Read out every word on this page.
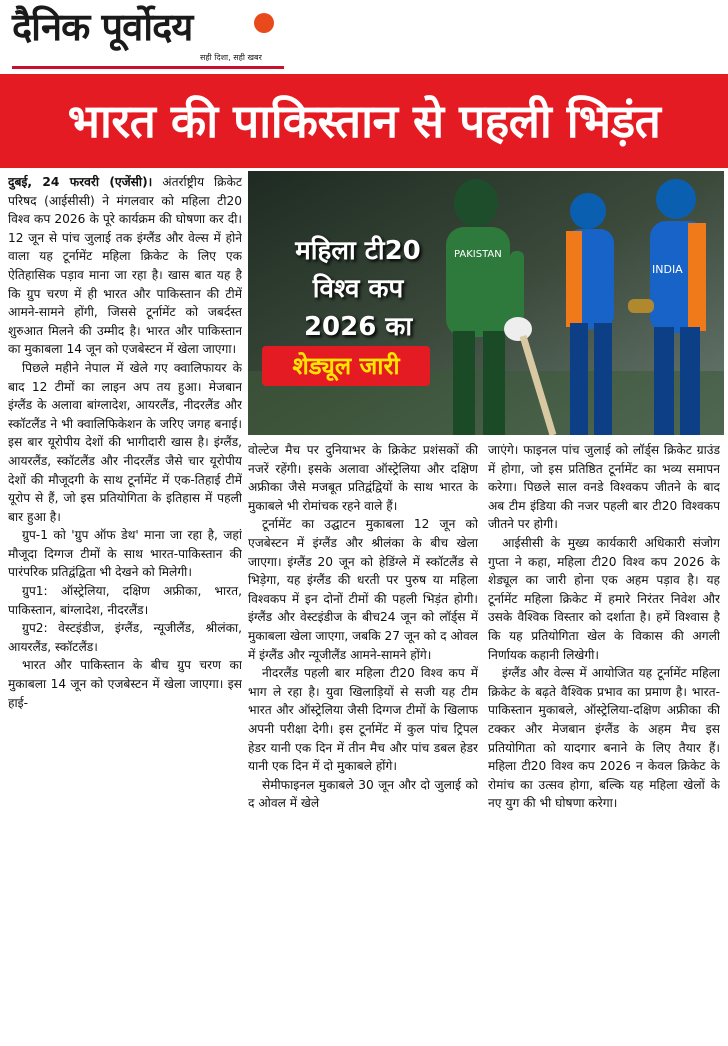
दैनिक पूर्वोदय
सही दिशा, सही खबर
भारत की पाकिस्तान से पहली भिड़ंत

दुबई, 24 फरवरी (एजेंसी)। अंतर्राष्ट्रीय क्रिकेट परिषद (आईसीसी) ने मंगलवार को महिला टी20 विश्व कप 2026 के पूरे कार्यक्रम की घोषणा कर दी। 12 जून से पांच जुलाई तक इंग्लैंड और वेल्स में होने वाला यह टूर्नामेंट महिला क्रिकेट के लिए एक ऐतिहासिक पड़ाव माना जा रहा है। खास बात यह है कि ग्रुप चरण में ही भारत और पाकिस्तान की टीमें आमने-सामने होंगी, जिससे टूर्नामेंट को जबर्दस्त शुरुआत मिलने की उम्मीद है। भारत और पाकिस्तान का मुकाबला 14 जून को एजबेस्टन में खेला जाएगा।

पिछले महीने नेपाल में खेले गए क्वालिफायर के बाद 12 टीमों का लाइन अप तय हुआ। मेजबान इंग्लैंड के अलावा बांग्लादेश, आयरलैंड, नीदरलैंड और स्कॉटलैंड ने भी क्वालिफिकेशन के जरिए जगह बनाई। इस बार यूरोपीय देशों की भागीदारी खास है। इंग्लैंड, आयरलैंड, स्कॉटलैंड और नीदरलैंड जैसे चार यूरोपीय देशों की मौजूदगी के साथ टूर्नामेंट में एक-तिहाई टीमें यूरोप से हैं, जो इस प्रतियोगिता के इतिहास में पहली बार हुआ है।

ग्रुप-1 को 'ग्रुप ऑफ डेथ' माना जा रहा है, जहां मौजूदा दिग्गज टीमों के साथ भारत-पाकिस्तान की पारंपरिक प्रतिद्वंद्विता भी देखने को मिलेगी।

ग्रुप1: ऑस्ट्रेलिया, दक्षिण अफ्रीका, भारत, पाकिस्तान, बांग्लादेश, नीदरलैंड।

ग्रुप2: वेस्टइंडीज, इंग्लैंड, न्यूजीलैंड, श्रीलंका, आयरलैंड, स्कॉटलैंड।

भारत और पाकिस्तान के बीच ग्रुप चरण का मुकाबला 14 जून को एजबेस्टन में खेला जाएगा। इस हाई-

PAKISTAN
INDIA
महिला टी20
विश्व कप
2026 का
शेड्यूल जारी

वोल्टेज मैच पर दुनियाभर के क्रिकेट प्रशंसकों की नजरें रहेंगी। इसके अलावा ऑस्ट्रेलिया और दक्षिण अफ्रीका जैसे मजबूत प्रतिद्वंद्वियों के साथ भारत के मुकाबले भी रोमांचक रहने वाले हैं।

टूर्नामेंट का उद्घाटन मुकाबला 12 जून को एजबेस्टन में इंग्लैंड और श्रीलंका के बीच खेला जाएगा। इंग्लैंड 20 जून को हेडिंग्ले में स्कॉटलैंड से भिड़ेगा, यह इंग्लैंड की धरती पर पुरुष या महिला विश्वकप में इन दोनों टीमों की पहली भिड़ंत होगी। इंग्लैंड और वेस्टइंडीज के बीच24 जून को लॉर्ड्स में मुकाबला खेला जाएगा, जबकि 27 जून को द ओवल में इंग्लैंड और न्यूजीलैंड आमने-सामने होंगे।

नीदरलैंड पहली बार महिला टी20 विश्व कप में भाग ले रहा है। युवा खिलाड़ियों से सजी यह टीम भारत और ऑस्ट्रेलिया जैसी दिग्गज टीमों के खिलाफ अपनी परीक्षा देगी। इस टूर्नामेंट में कुल पांच ट्रिपल हेडर यानी एक दिन में तीन मैच और पांच डबल हेडर यानी एक दिन में दो मुकाबले होंगे।

सेमीफाइनल मुकाबले 30 जून और दो जुलाई को द ओवल में खेले

जाएंगे। फाइनल पांच जुलाई को लॉर्ड्स क्रिकेट ग्राउंड में होगा, जो इस प्रतिष्ठित टूर्नामेंट का भव्य समापन करेगा। पिछले साल वनडे विश्वकप जीतने के बाद अब टीम इंडिया की नजर पहली बार टी20 विश्वकप जीतने पर होगी।

आईसीसी के मुख्य कार्यकारी अधिकारी संजोग गुप्ता ने कहा, महिला टी20 विश्व कप 2026 के शेड्यूल का जारी होना एक अहम पड़ाव है। यह टूर्नामेंट महिला क्रिकेट में हमारे निरंतर निवेश और उसके वैश्विक विस्तार को दर्शाता है। हमें विश्वास है कि यह प्रतियोगिता खेल के विकास की अगली निर्णायक कहानी लिखेगी।

इंग्लैंड और वेल्स में आयोजित यह टूर्नामेंट महिला क्रिकेट के बढ़ते वैश्विक प्रभाव का प्रमाण है। भारत-पाकिस्तान मुकाबले, ऑस्ट्रेलिया-दक्षिण अफ्रीका की टक्कर और मेजबान इंग्लैंड के अहम मैच इस प्रतियोगिता को यादगार बनाने के लिए तैयार हैं। महिला टी20 विश्व कप 2026 न केवल क्रिकेट के रोमांच का उत्सव होगा, बल्कि यह महिला खेलों के नए युग की भी घोषणा करेगा।
